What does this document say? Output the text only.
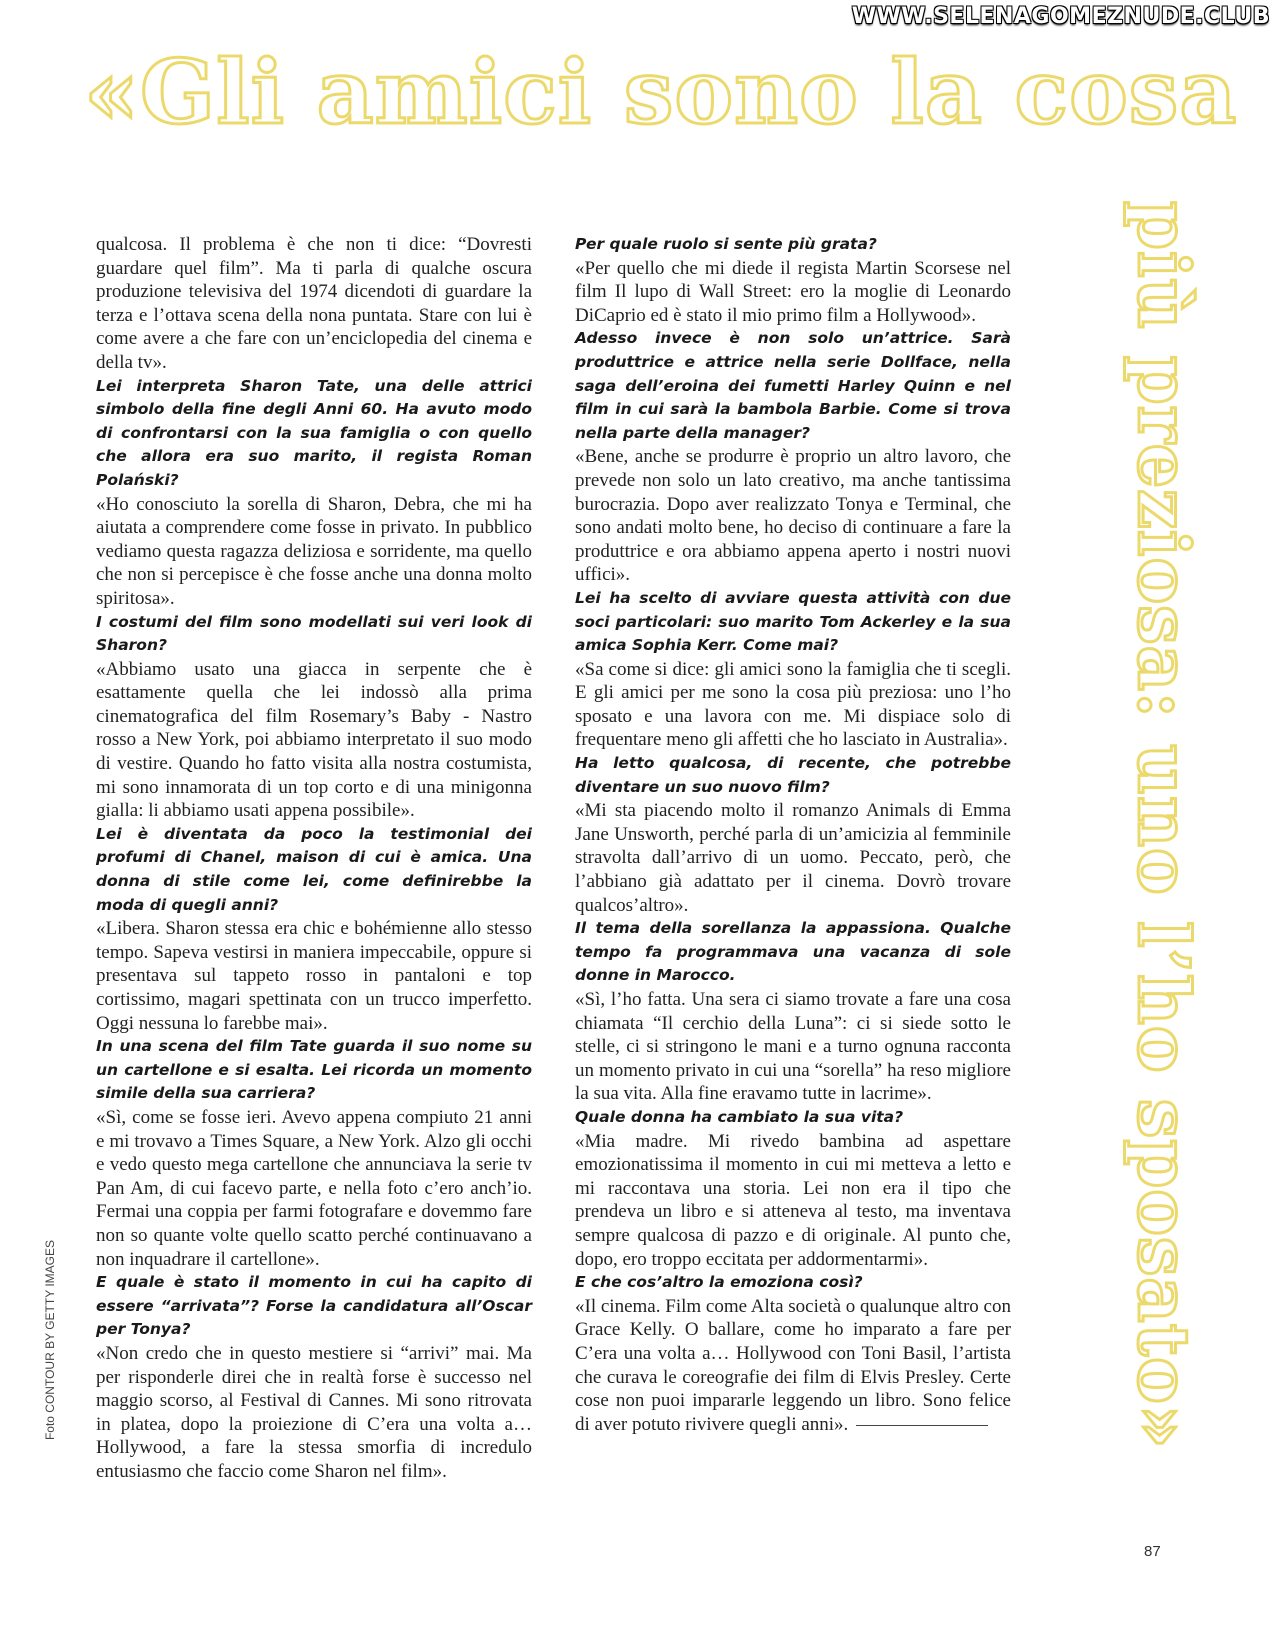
WWW.SELENAGOMEZNUDE.CLUB
«Gli amici sono la cosa
più preziosa: uno l’ho sposato»
Foto CONTOUR BY GETTY IMAGES

qualcosa. Il problema è che non ti dice: “Dovresti guardare quel film”. Ma ti parla di qualche oscura produzione televisiva del 1974 dicendoti di guardare la terza e l’ottava scena della nona puntata. Stare con lui è come avere a che fare con un’enciclopedia del cinema e della tv».

Lei interpreta Sharon Tate, una delle attrici simbolo della fine degli Anni 60. Ha avuto modo di confrontarsi con la sua famiglia o con quello che allora era suo marito, il regista Roman Polański?

«Ho conosciuto la sorella di Sharon, Debra, che mi ha aiutata a comprendere come fosse in privato. In pubblico vediamo questa ragazza deliziosa e sorridente, ma quello che non si percepisce è che fosse anche una donna molto spiritosa».

I costumi del film sono modellati sui veri look di Sharon?

«Abbiamo usato una giacca in serpente che è esattamente quella che lei indossò alla prima cinematografica del film Rosemary’s Baby - Nastro rosso a New York, poi abbiamo interpretato il suo modo di vestire. Quando ho fatto visita alla nostra costumista, mi sono innamorata di un top corto e di una minigonna gialla: li abbiamo usati appena possibile».

Lei è diventata da poco la testimonial dei profumi di Chanel, maison di cui è amica. Una donna di stile come lei, come definirebbe la moda di quegli anni?

«Libera. Sharon stessa era chic e bohémienne allo stesso tempo. Sapeva vestirsi in maniera impeccabile, oppure si presentava sul tappeto rosso in pantaloni e top cortissimo, magari spettinata con un trucco imperfetto. Oggi nessuna lo farebbe mai».

In una scena del film Tate guarda il suo nome su un cartellone e si esalta. Lei ricorda un momento simile della sua carriera?

«Sì, come se fosse ieri. Avevo appena compiuto 21 anni e mi trovavo a Times Square, a New York. Alzo gli occhi e vedo questo mega cartellone che annunciava la serie tv Pan Am, di cui facevo parte, e nella foto c’ero anch’io. Fermai una coppia per farmi fotografare e dovemmo fare non so quante volte quello scatto perché continuavano a non inquadrare il cartellone».

E quale è stato il momento in cui ha capito di essere “arrivata”? Forse la candidatura all’Oscar per Tonya?

«Non credo che in questo mestiere si “arrivi” mai. Ma per risponderle direi che in realtà forse è successo nel maggio scorso, al Festival di Cannes. Mi sono ritrovata in platea, dopo la proiezione di C’era una volta a… Hollywood, a fare la stessa smorfia di incredulo entusiasmo che faccio come Sharon nel film».

Per quale ruolo si sente più grata?

«Per quello che mi diede il regista Martin Scorsese nel film Il lupo di Wall Street: ero la moglie di Leonardo DiCaprio ed è stato il mio primo film a Hollywood».

Adesso invece è non solo un’attrice. Sarà produttrice e attrice nella serie Dollface, nella saga dell’eroina dei fumetti Harley Quinn e nel film in cui sarà la bambola Barbie. Come si trova nella parte della manager?

«Bene, anche se produrre è proprio un altro lavoro, che prevede non solo un lato creativo, ma anche tantissima burocrazia. Dopo aver realizzato Tonya e Terminal, che sono andati molto bene, ho deciso di continuare a fare la produttrice e ora abbiamo appena aperto i nostri nuovi uffici».

Lei ha scelto di avviare questa attività con due soci particolari: suo marito Tom Ackerley e la sua amica Sophia Kerr. Come mai?

«Sa come si dice: gli amici sono la famiglia che ti scegli. E gli amici per me sono la cosa più preziosa: uno l’ho sposato e una lavora con me. Mi dispiace solo di frequentare meno gli affetti che ho lasciato in Australia».

Ha letto qualcosa, di recente, che potrebbe diventare un suo nuovo film?

«Mi sta piacendo molto il romanzo Animals di Emma Jane Unsworth, perché parla di un’amicizia al femminile stravolta dall’arrivo di un uomo. Peccato, però, che l’abbiano già adattato per il cinema. Dovrò trovare qualcos’altro».

Il tema della sorellanza la appassiona. Qualche tempo fa programmava una vacanza di sole donne in Marocco.

«Sì, l’ho fatta. Una sera ci siamo trovate a fare una cosa chiamata “Il cerchio della Luna”: ci si siede sotto le stelle, ci si stringono le mani e a turno ognuna racconta un momento privato in cui una “sorella” ha reso migliore la sua vita. Alla fine eravamo tutte in lacrime».

Quale donna ha cambiato la sua vita?

«Mia madre. Mi rivedo bambina ad aspettare emozionatissima il momento in cui mi metteva a letto e mi raccontava una storia. Lei non era il tipo che prendeva un libro e si atteneva al testo, ma inventava sempre qualcosa di pazzo e di originale. Al punto che, dopo, ero troppo eccitata per addormentarmi».

E che cos’altro la emoziona così?

«Il cinema. Film come Alta società o qualunque altro con Grace Kelly. O ballare, come ho imparato a fare per C’era una volta a… Hollywood con Toni Basil, l’artista che curava le coreografie dei film di Elvis Presley. Certe cose non puoi impararle leggendo un libro. Sono felice di aver potuto rivivere quegli anni».

87
